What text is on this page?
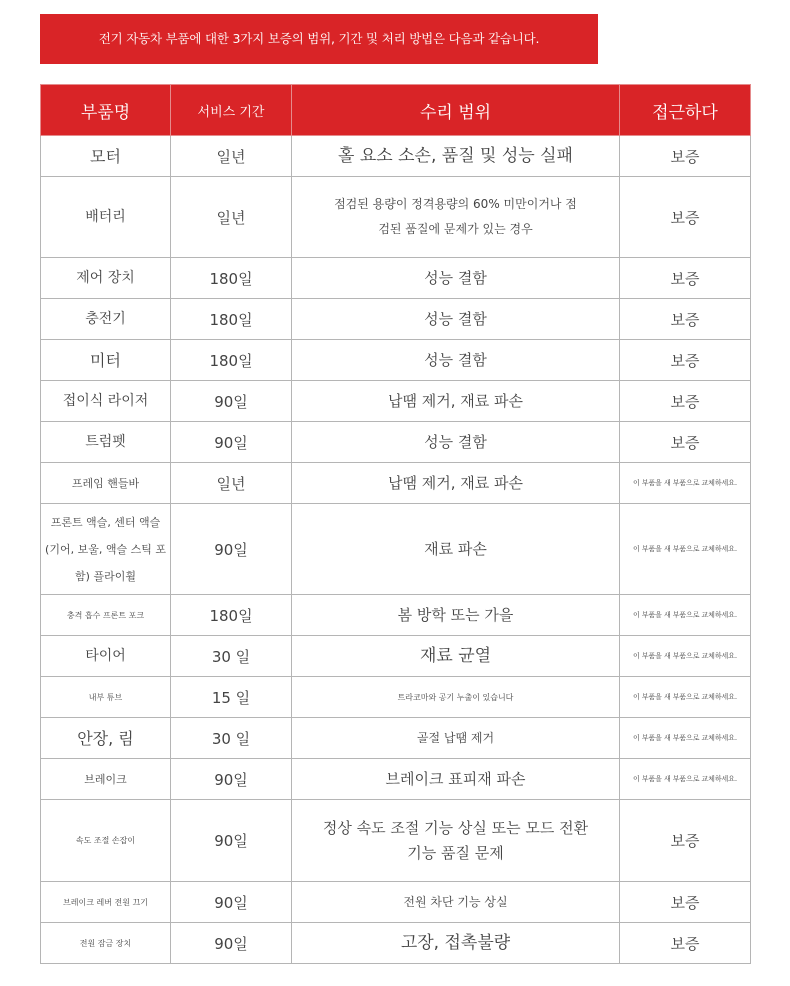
전기 자동차 부품에 대한 3가지 보증의 범위, 기간 및 처리 방법은 다음과 같습니다.
부품명	서비스 기간	수리 범위	접근하다
모터	일년	홀 요소 소손, 품질 및 성능 실패	보증
배터리	일년	점검된 용량이 정격용량의 60% 미만이거나 점검된 품질에 문제가 있는 경우	보증
제어 장치	180일	성능 결함	보증
충전기	180일	성능 결함	보증
미터	180일	성능 결함	보증
접이식 라이저	90일	납땜 제거, 재료 파손	보증
트럼펫	90일	성능 결함	보증
프레임 핸들바	일년	납땜 제거, 재료 파손	이 부품을 새 부품으로 교체하세요.
프론트 액슬, 센터 액슬(기어, 보울, 액슬 스틱 포함) 플라이휠	90일	재료 파손	이 부품을 새 부품으로 교체하세요.
충격 흡수 프론트 포크	180일	봄 방학 또는 가을	이 부품을 새 부품으로 교체하세요.
타이어	30 일	재료 균열	이 부품을 새 부품으로 교체하세요.
내부 튜브	15 일	트라코마와 공기 누출이 있습니다	이 부품을 새 부품으로 교체하세요.
안장, 림	30 일	골절 납땜 제거	이 부품을 새 부품으로 교체하세요.
브레이크	90일	브레이크 표피재 파손	이 부품을 새 부품으로 교체하세요.
속도 조절 손잡이	90일	정상 속도 조절 기능 상실 또는 모드 전환 기능 품질 문제	보증
브레이크 레버 전원 끄기	90일	전원 차단 기능 상실	보증
전원 잠금 장치	90일	고장, 접촉불량	보증
